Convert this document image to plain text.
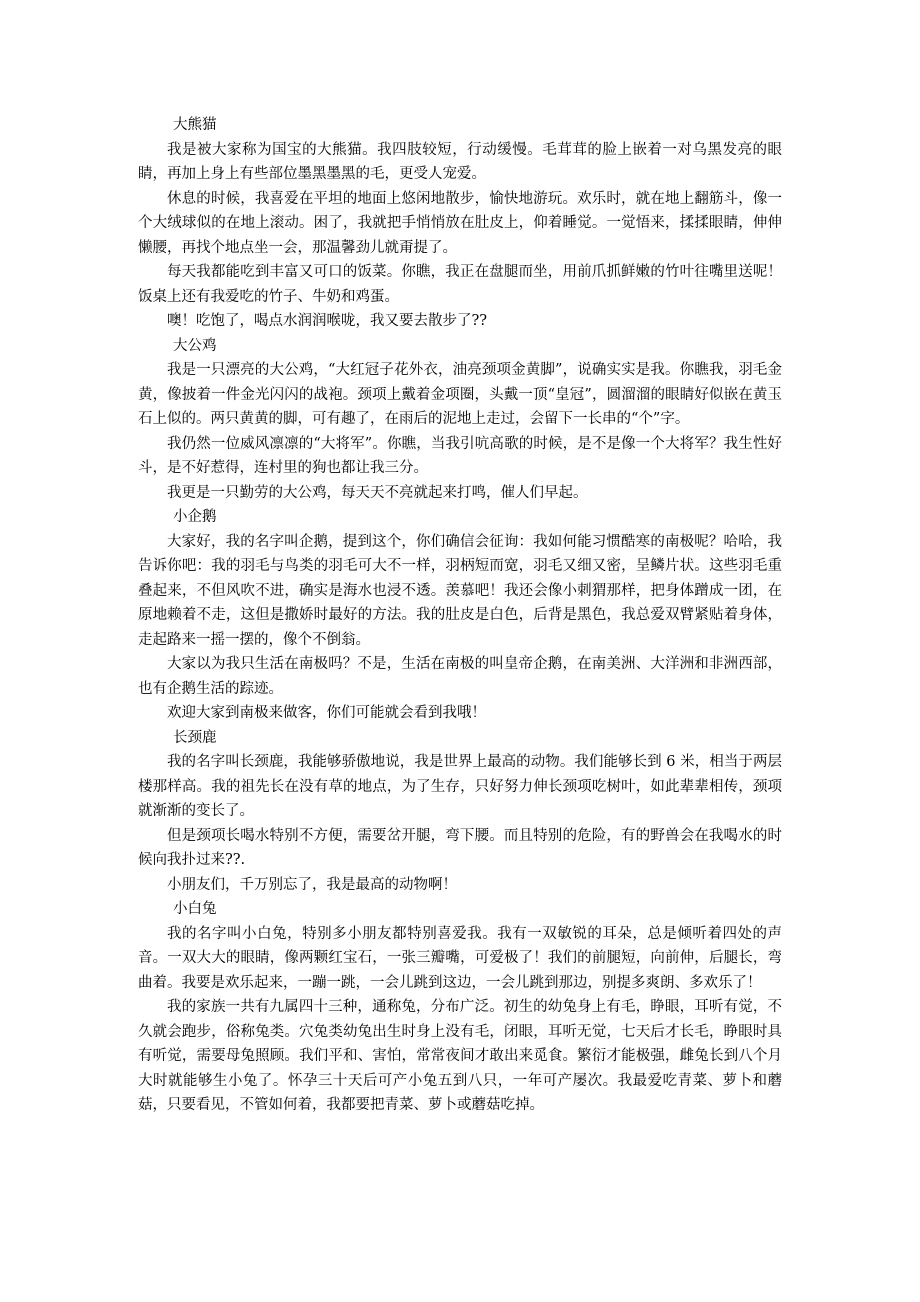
大熊猫

我是被大家称为国宝的大熊猫。我四肢较短，行动缓慢。毛茸茸的脸上嵌着一对乌黑发亮的眼睛，再加上身上有些部位墨黑墨黑的毛，更受人宠爱。

休息的时候，我喜爱在平坦的地面上悠闲地散步，愉快地游玩。欢乐时，就在地上翻筋斗，像一个大绒球似的在地上滚动。困了，我就把手悄悄放在肚皮上，仰着睡觉。一觉悟来，揉揉眼睛，伸伸懒腰，再找个地点坐一会，那温馨劲儿就甭提了。

每天我都能吃到丰富又可口的饭菜。你瞧，我正在盘腿而坐，用前爪抓鲜嫩的竹叶往嘴里送呢！饭桌上还有我爱吃的竹子、牛奶和鸡蛋。

噢！吃饱了，喝点水润润喉咙，我又要去散步了??

大公鸡

我是一只漂亮的大公鸡，“大红冠子花外衣，油亮颈项金黄脚”，说确实实是我。你瞧我，羽毛金黄，像披着一件金光闪闪的战袍。颈项上戴着金项圈，头戴一顶“皇冠”，圆溜溜的眼睛好似嵌在黄玉石上似的。两只黄黄的脚，可有趣了，在雨后的泥地上走过，会留下一长串的“个”字。

我仍然一位威风凛凛的“大将军”。你瞧，当我引吭高歌的时候，是不是像一个大将军？我生性好斗，是不好惹得，连村里的狗也都让我三分。

我更是一只勤劳的大公鸡，每天天不亮就起来打鸣，催人们早起。

小企鹅

大家好，我的名字叫企鹅，提到这个，你们确信会征询：我如何能习惯酷寒的南极呢？哈哈，我告诉你吧：我的羽毛与鸟类的羽毛可大不一样，羽柄短而宽，羽毛又细又密，呈鳞片状。这些羽毛重叠起来，不但风吹不进，确实是海水也浸不透。羡慕吧！我还会像小刺猬那样，把身体蹭成一团，在原地赖着不走，这但是撒娇时最好的方法。我的肚皮是白色，后背是黑色，我总爱双臂紧贴着身体，走起路来一摇一摆的，像个不倒翁。

大家以为我只生活在南极吗？不是，生活在南极的叫皇帝企鹅，在南美洲、大洋洲和非洲西部，也有企鹅生活的踪迹。

欢迎大家到南极来做客，你们可能就会看到我哦！

长颈鹿

我的名字叫长颈鹿，我能够骄傲地说，我是世界上最高的动物。我们能够长到 6 米，相当于两层楼那样高。我的祖先长在没有草的地点，为了生存，只好努力伸长颈项吃树叶，如此辈辈相传，颈项就渐渐的变长了。

但是颈项长喝水特别不方便，需要岔开腿，弯下腰。而且特别的危险，有的野兽会在我喝水的时候向我扑过来??.

小朋友们，千万别忘了，我是最高的动物啊！

小白兔

我的名字叫小白兔，特别多小朋友都特别喜爱我。我有一双敏锐的耳朵，总是倾听着四处的声音。一双大大的眼睛，像两颗红宝石，一张三瓣嘴，可爱极了！我们的前腿短，向前伸，后腿长，弯曲着。我要是欢乐起来，一蹦一跳，一会儿跳到这边，一会儿跳到那边，别提多爽朗、多欢乐了！

我的家族一共有九属四十三种，通称兔，分布广泛。初生的幼兔身上有毛，睁眼，耳听有觉，不久就会跑步，俗称兔类。穴兔类幼兔出生时身上没有毛，闭眼，耳听无觉，七天后才长毛，睁眼时具有听觉，需要母兔照顾。我们平和、害怕，常常夜间才敢出来觅食。繁衍才能极强，雌兔长到八个月大时就能够生小兔了。怀孕三十天后可产小兔五到八只，一年可产屡次。我最爱吃青菜、萝卜和蘑菇，只要看见，不管如何着，我都要把青菜、萝卜或蘑菇吃掉。
